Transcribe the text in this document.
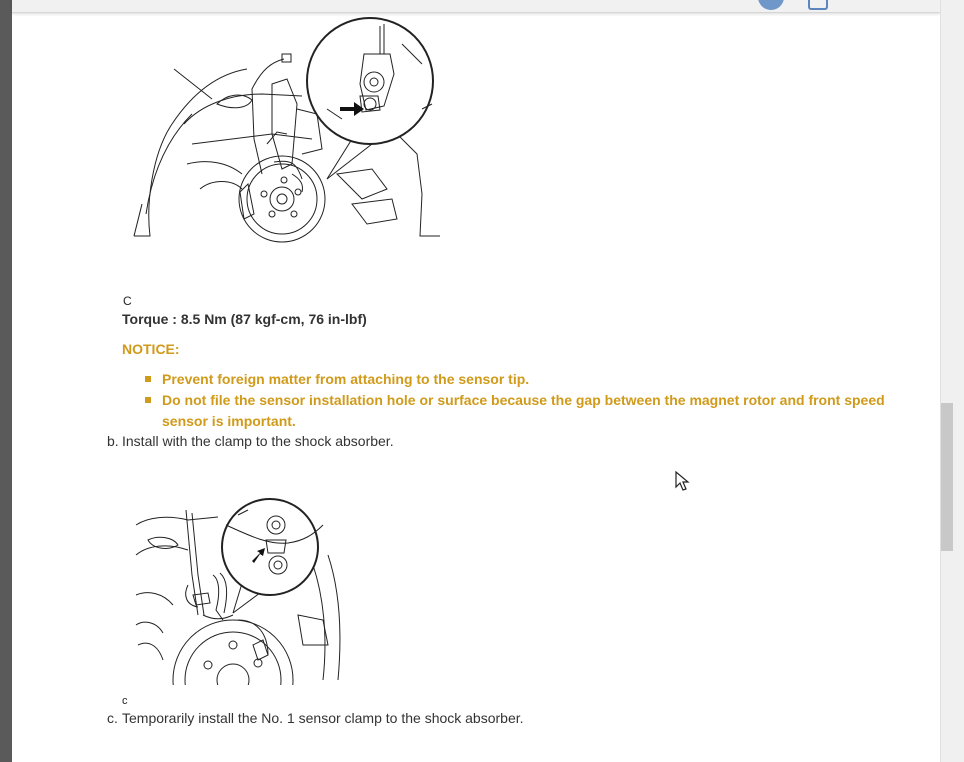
C
Torque : 8.5 Nm (87 kgf-cm, 76 in-lbf)
NOTICE:
Prevent foreign matter from attaching to the sensor tip.
Do not file the sensor installation hole or surface because the gap between the magnet rotor and front speed sensor is important.
b. Install with the clamp to the shock absorber.
c
c. Temporarily install the No. 1 sensor clamp to the shock absorber.
